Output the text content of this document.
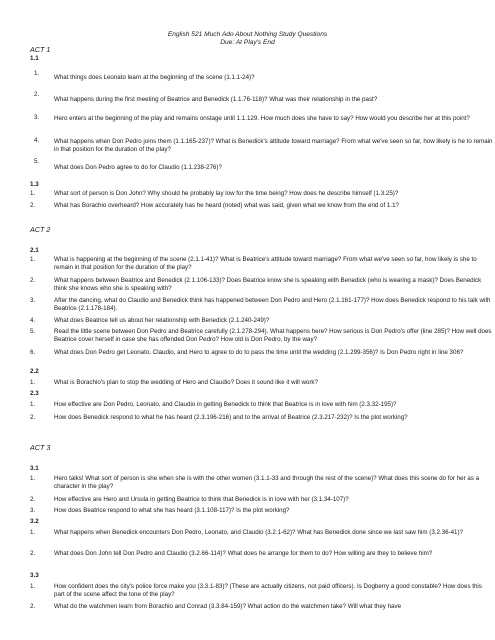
English 521 Much Ado About Nothing Study Questions
Due: At Play's End
ACT 1
1.1
1.
What things does Leonato learn at the beginning of the scene (1.1.1-24)?
2.
What happens during the first meeting of Beatrice and Benedick (1.1.76-118)? What was their relationship in the past?
3. Hero enters at the beginning of the play and remains onstage until 1.1.129. How much does she have to say? How would you describe her at this point?
4. What happens when Don Pedro joins them (1.1.165-237)? What is Benedick's attitude toward marriage? From what we've seen so far, how likely is he to remain in that position for the duration of the play?
5.
What does Don Pedro agree to do for Claudio (1.1.238-276)?
1.3
1.	What sort of person is Don John? Why should he probably lay low for the time being? How does he describe himself (1.3.25)?
2.	What has Borachio overheard? How accurately has he heard (noted) what was said, given what we know from the end of 1.1?
ACT 2
2.1
1.	What is happening at the beginning of the scene (2.1.1-41)? What is Beatrice's attitude toward marriage? From what we've seen so far, how likely is she to remain in that position for the duration of the play?
2.	What happens between Beatrice and Benedick (2.1.106-133)? Does Beatrice know she is speaking with Benedick (who is wearing a mask)? Does Benedick think she knows who she is speaking with?
3.	After the dancing, what do Claudio and Benedick think has happened between Don Pedro and Hero (2.1.161-177)? How does Benedick respond to his talk with Beatrice (2.1.178-184).
4.	What does Beatrice tell us about her relationship with Benedick (2.1.240-249)?
5.	Read the little scene between Don Pedro and Beatrice carefully (2.1.278-294). What happens here? How serious is Don Pedro's offer (line 285)? How well does Beatrice cover herself in case she has offended Don Pedro? How old is Don Pedro, by the way?
6.	What does Don Pedro get Leonato, Claudio, and Hero to agree to do to pass the time until the wedding (2.1.299-356)? Is Don Pedro right in line 306?
2.2
1.	What is Borachio's plan to stop the wedding of Hero and Claudio? Does it sound like it will work?
2.3
1.	How effective are Don Pedro, Leonato, and Claudio in getting Benedick to think that Beatrice is in love with him (2.3.32-195)?
2.	How does Benedick respond to what he has heard (2.3.196-216) and to the arrival of Beatrice (2.3.217-232)? Is the plot working?
ACT 3
3.1
1.	Hero talks! What sort of person is she when she is with the other women (3.1.1-33 and through the rest of the scene)? What does this scene do for her as a character in the play?
2.	How effective are Hero and Ursula in getting Beatrice to think that Benedick is in love with her (3.1.34-107)?
3.	How does Beatrice respond to what she has heard (3.1.108-117)? Is the plot working?
3.2
1.	What happens when Benedick encounters Don Pedro, Leonato, and Claudio (3.2.1-62)? What has Benedick done since we last saw him (3.2.36-41)?
2.	What does Don John tell Don Pedro and Claudio (3.2.66-114)? What does he arrange for them to do? How willing are they to believe him?
3.3
1.	How confident does the city's police force make you (3.3.1-83)? (These are actually citizens, not paid officers). Is Dogberry a good constable? How does this part of the scene affect the tone of the play?
2.	What do the watchmen learn from Borachio and Conrad (3.3.84-159)? What action do the watchmen take? Will what they have
